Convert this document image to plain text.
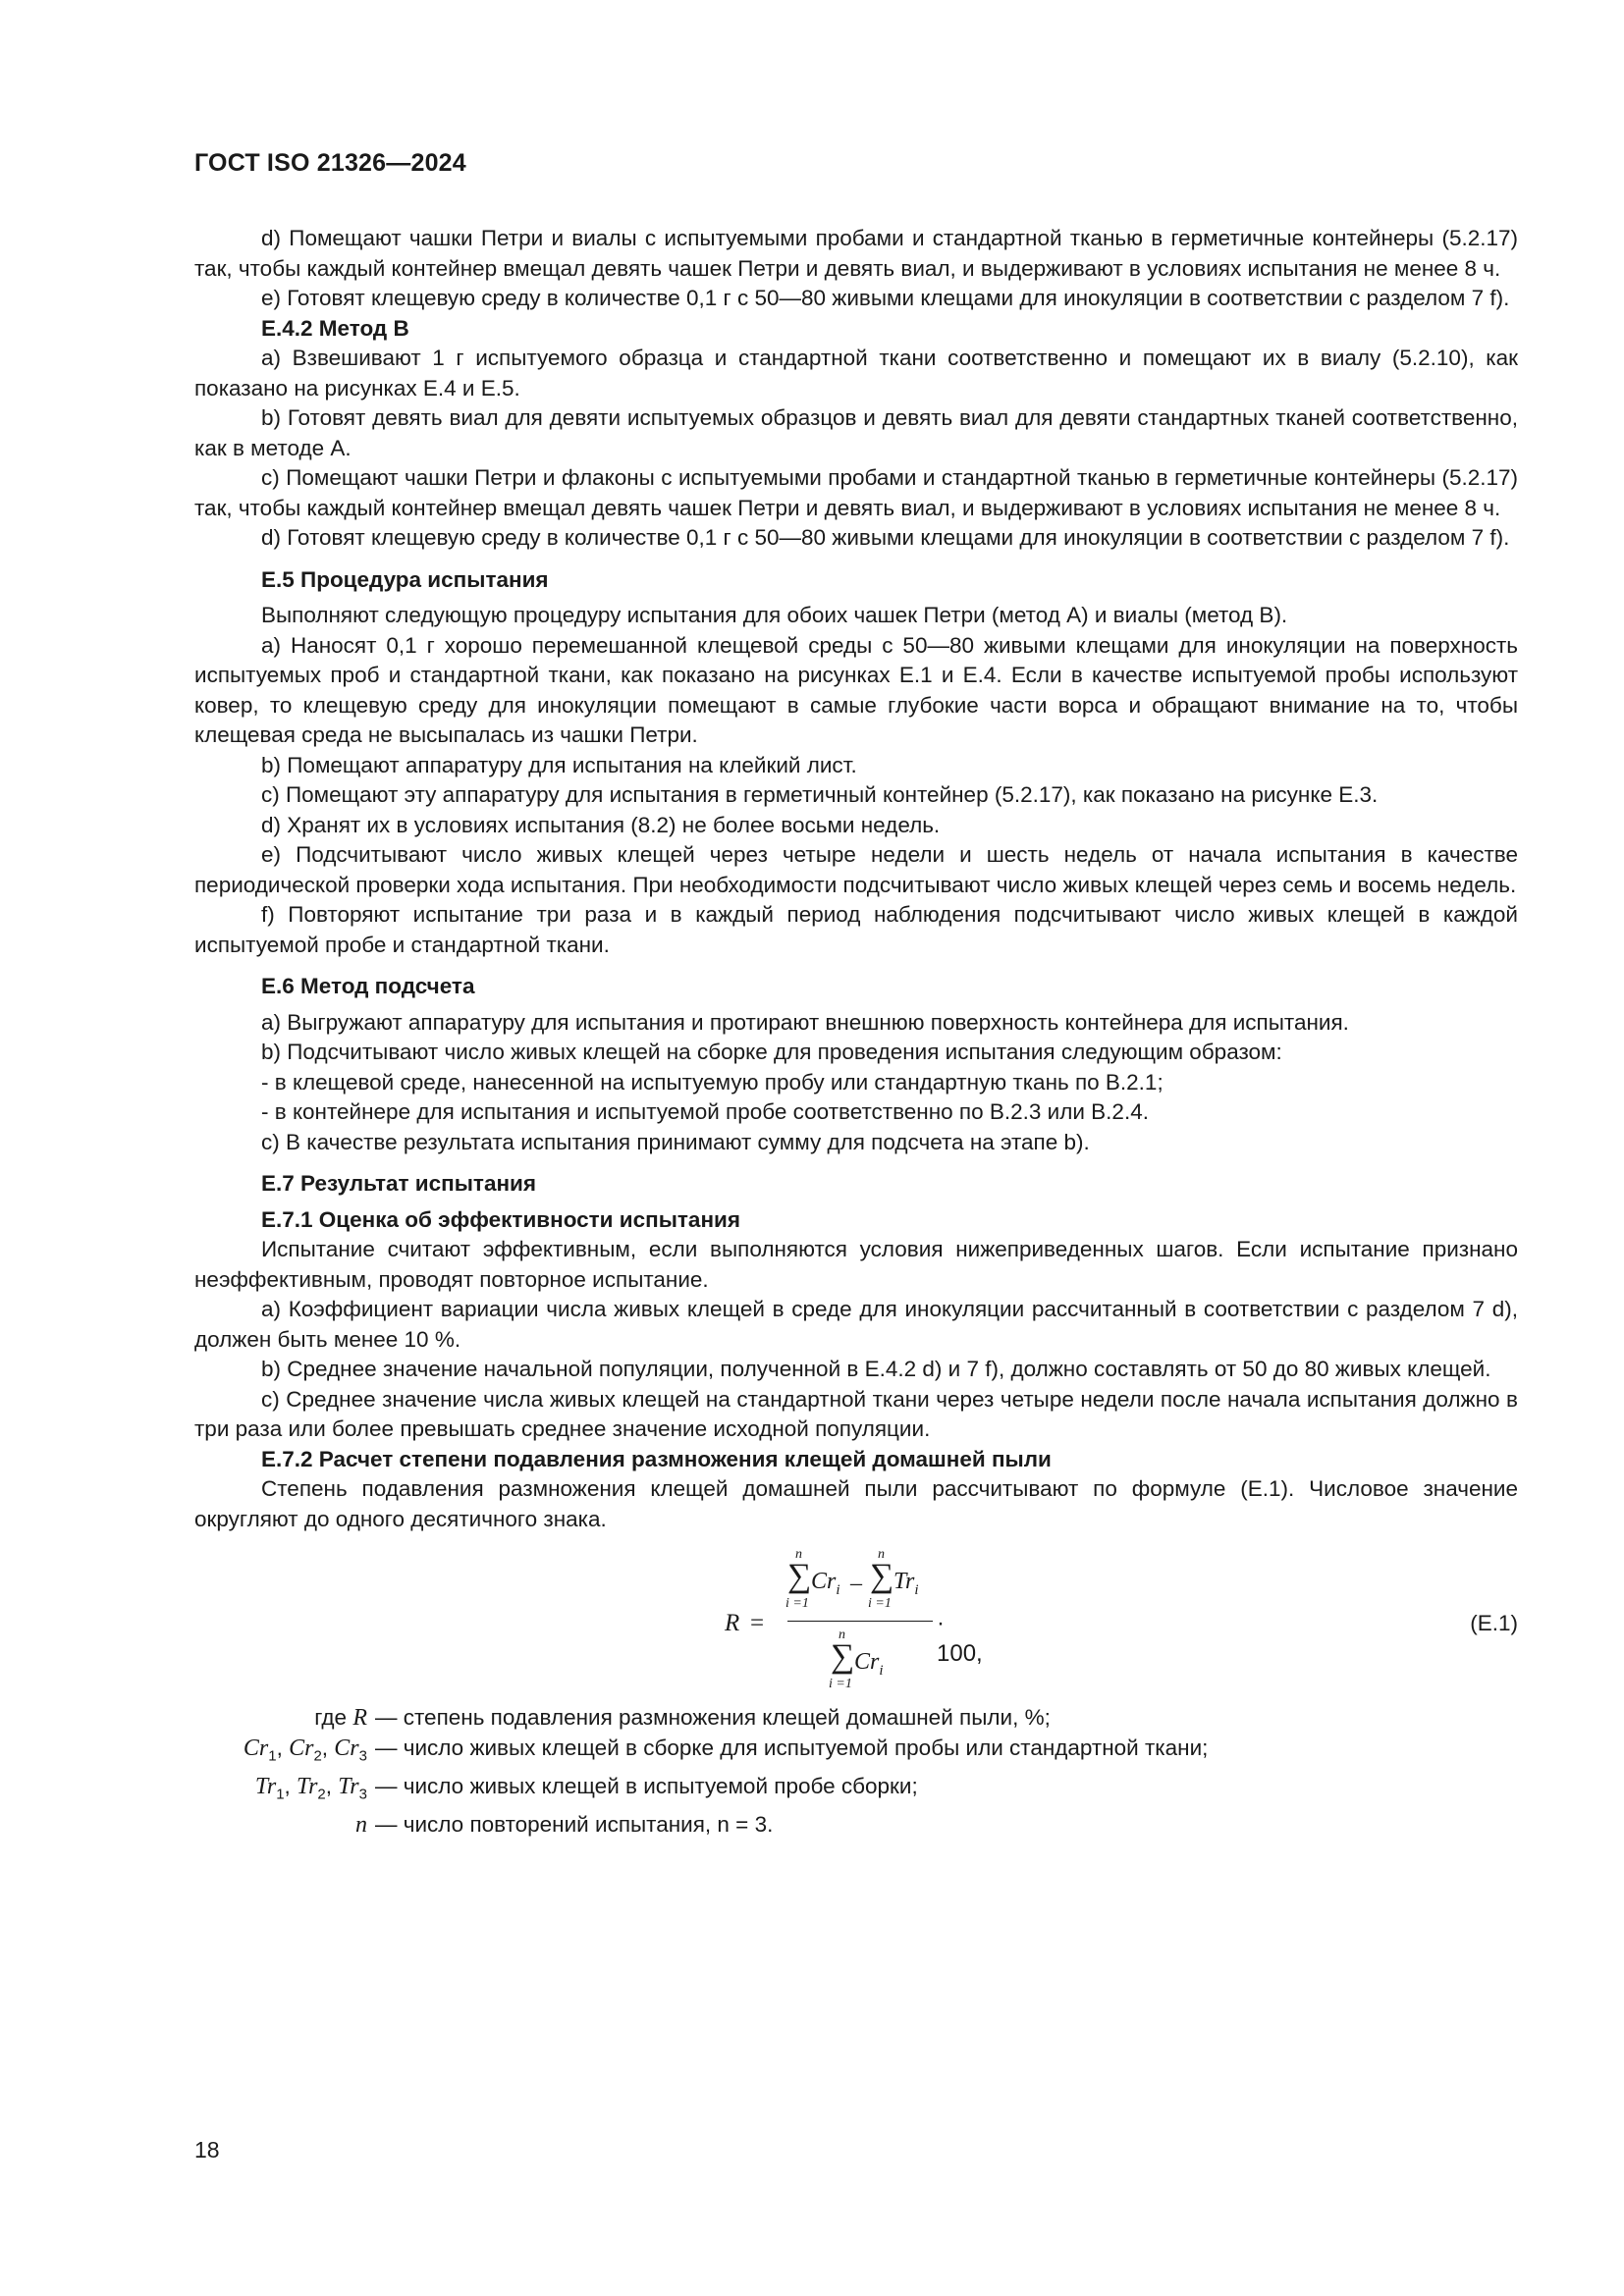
ГОСТ ISO 21326—2024

d) Помещают чашки Петри и виалы с испытуемыми пробами и стандартной тканью в герметичные контейнеры (5.2.17) так, чтобы каждый контейнер вмещал девять чашек Петри и девять виал, и выдерживают в условиях испытания не менее 8 ч.

е) Готовят клещевую среду в количестве 0,1 г с 50—80 живыми клещами для инокуляции в соответствии с разделом 7 f).

Е.4.2 Метод В

а) Взвешивают 1 г испытуемого образца и стандартной ткани соответственно и помещают их в виалу (5.2.10), как показано на рисунках Е.4 и Е.5.

b) Готовят девять виал для девяти испытуемых образцов и девять виал для девяти стандартных тканей соответственно, как в методе А.

с) Помещают чашки Петри и флаконы с испытуемыми пробами и стандартной тканью в герметичные контейнеры (5.2.17) так, чтобы каждый контейнер вмещал девять чашек Петри и девять виал, и выдерживают в условиях испытания не менее 8 ч.

d) Готовят клещевую среду в количестве 0,1 г с 50—80 живыми клещами для инокуляции в соответствии с разделом 7 f).

Е.5 Процедура испытания

Выполняют следующую процедуру испытания для обоих чашек Петри (метод А) и виалы (метод В).

а) Наносят 0,1 г хорошо перемешанной клещевой среды с 50—80 живыми клещами для инокуляции на поверхность испытуемых проб и стандартной ткани, как показано на рисунках Е.1 и Е.4. Если в качестве испытуемой пробы используют ковер, то клещевую среду для инокуляции помещают в самые глубокие части ворса и обращают внимание на то, чтобы клещевая среда не высыпалась из чашки Петри.

b) Помещают аппаратуру для испытания на клейкий лист.

с) Помещают эту аппаратуру для испытания в герметичный контейнер (5.2.17), как показано на рисунке Е.3.

d) Хранят их в условиях испытания (8.2) не более восьми недель.

е) Подсчитывают число живых клещей через четыре недели и шесть недель от начала испытания в качестве периодической проверки хода испытания. При необходимости подсчитывают число живых клещей через семь и восемь недель.

f) Повторяют испытание три раза и в каждый период наблюдения подсчитывают число живых клещей в каждой испытуемой пробе и стандартной ткани.

Е.6 Метод подсчета

а) Выгружают аппаратуру для испытания и протирают внешнюю поверхность контейнера для испытания.

b) Подсчитывают число живых клещей на сборке для проведения испытания следующим образом:

- в клещевой среде, нанесенной на испытуемую пробу или стандартную ткань по В.2.1;

- в контейнере для испытания и испытуемой пробе соответственно по В.2.3 или В.2.4.

с) В качестве результата испытания принимают сумму для подсчета на этапе b).

Е.7 Результат испытания

Е.7.1 Оценка об эффективности испытания

Испытание считают эффективным, если выполняются условия нижеприведенных шагов. Если испытание признано неэффективным, проводят повторное испытание.

а) Коэффициент вариации числа живых клещей в среде для инокуляции рассчитанный в соответствии с разделом 7 d), должен быть менее 10 %.

b) Среднее значение начальной популяции, полученной в Е.4.2 d) и 7 f), должно составлять от 50 до 80 живых клещей.

с) Среднее значение числа живых клещей на стандартной ткани через четыре недели после начала испытания должно в три раза или более превышать среднее значение исходной популяции.

Е.7.2 Расчет степени подавления размножения клещей домашней пыли

Степень подавления размножения клещей домашней пыли рассчитывают по формуле (Е.1). Числовое значение округляют до одного десятичного знака.

R =
n
∑
i =1
$Cr_i$ –
n
∑
i =1
$Tr_i$
n
∑
i =1
$Cr_i$
· 100,
(Е.1)
где R — степень подавления размножения клещей домашней пыли, %;
$Cr_1$, $Cr_2$, $Cr_3$ — число живых клещей в сборке для испытуемой пробы или стандартной ткани;
$Tr_1$, $Tr_2$, $Tr_3$ — число живых клещей в испытуемой пробе сборки;
n — число повторений испытания, n = 3.
18
